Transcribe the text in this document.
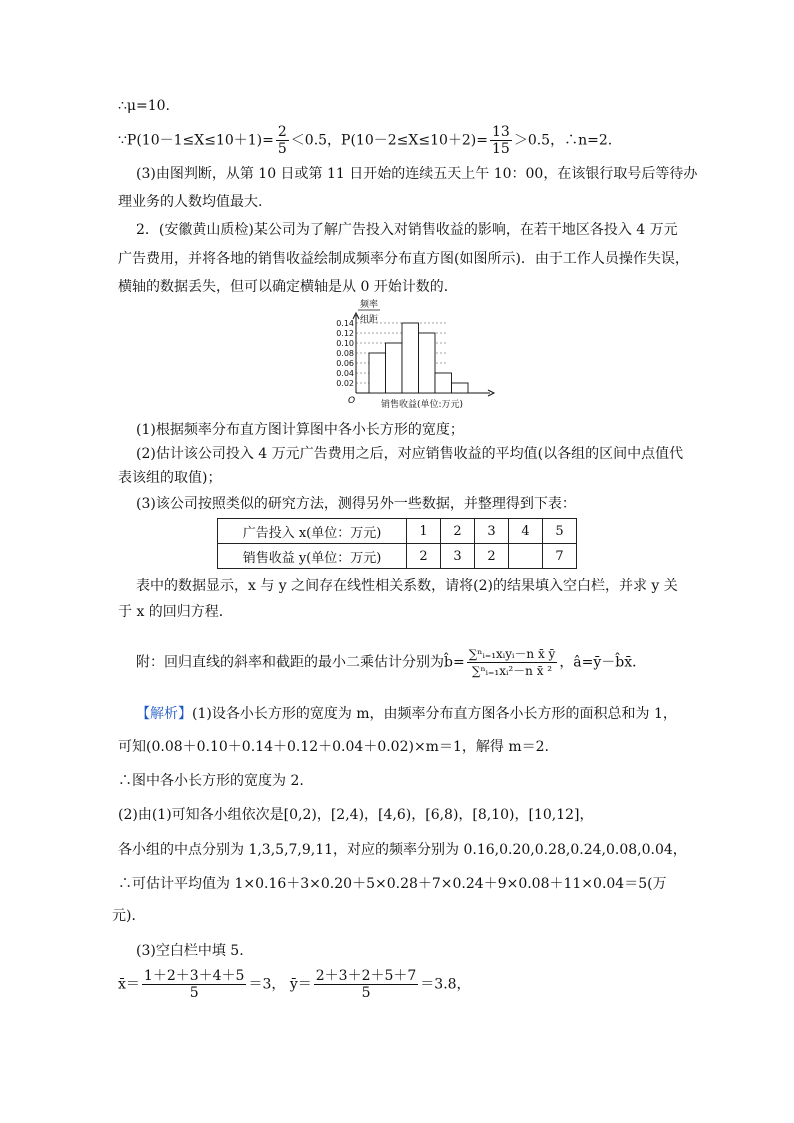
∴μ=10.
∵P(10－1≤X≤10＋1)= $\frac{2}{5} <0.5$，$P(10-2\le X\le 10+2)= \frac{13}{15} >0.5$，∴n=2.
(3)由图判断，从第 10 日或第 11 日开始的连续五天上午 10：00，在该银行取号后等待办
理业务的人数均值最大.
2．(安徽黄山质检)某公司为了解广告投入对销售收益的影响，在若干地区各投入 4 万元
广告费用，并将各地的销售收益绘制成频率分布直方图(如图所示)．由于工作人员操作失误，
横轴的数据丢失，但可以确定横轴是从 0 开始计数的．
频率
组距
0.14
0.12
0.10
0.08
0.06
0.04
0.02
O	销售收益(单位:万元)
(1)根据频率分布直方图计算图中各小长方形的宽度；
(2)估计该公司投入 4 万元广告费用之后，对应销售收益的平均值(以各组的区间中点值代
表该组的取值)；
(3)该公司按照类似的研究方法，测得另外一些数据，并整理得到下表：
广告投入 x(单位：万元)	1	2	3	4	5
销售收益 y(单位：万元)	2	3	2		7
表中的数据显示，x 与 y 之间存在线性相关系数，请将(2)的结果填入空白栏，并求 y 关
于 x 的回归方程．
附：回归直线的斜率和截距的最小二乘估计分别为b̂= $\frac{\text{∑ⁿᵢ₌₁xᵢyᵢ－n x̄ ȳ}}{\text{∑ⁿᵢ₌₁xᵢ²－n x̄ ²}}$ ，â=ȳ－b̂x̄．
【解析】(1)设各小长方形的宽度为 m，由频率分布直方图各小长方形的面积总和为 1，
可知(0.08＋0.10＋0.14＋0.12＋0.04＋0.02)×m＝1，解得 m＝2.
∴图中各小长方形的宽度为 2.
(2)由(1)可知各小组依次是[0,2)，[2,4)，[4,6)，[6,8)，[8,10)，[10,12]，
各小组的中点分别为 1,3,5,7,9,11，对应的频率分别为 0.16,0.20,0.28,0.24,0.08,0.04，
∴可估计平均值为 1×0.16＋3×0.20＋5×0.28＋7×0.24＋9×0.08＋11×0.04＝5(万
元)．
(3)空白栏中填 5.
x̄＝ $\frac{1+2+3+4+5}{5} =3$， ȳ＝ $\frac{2+3+2+5+7}{5} =3.8$，
